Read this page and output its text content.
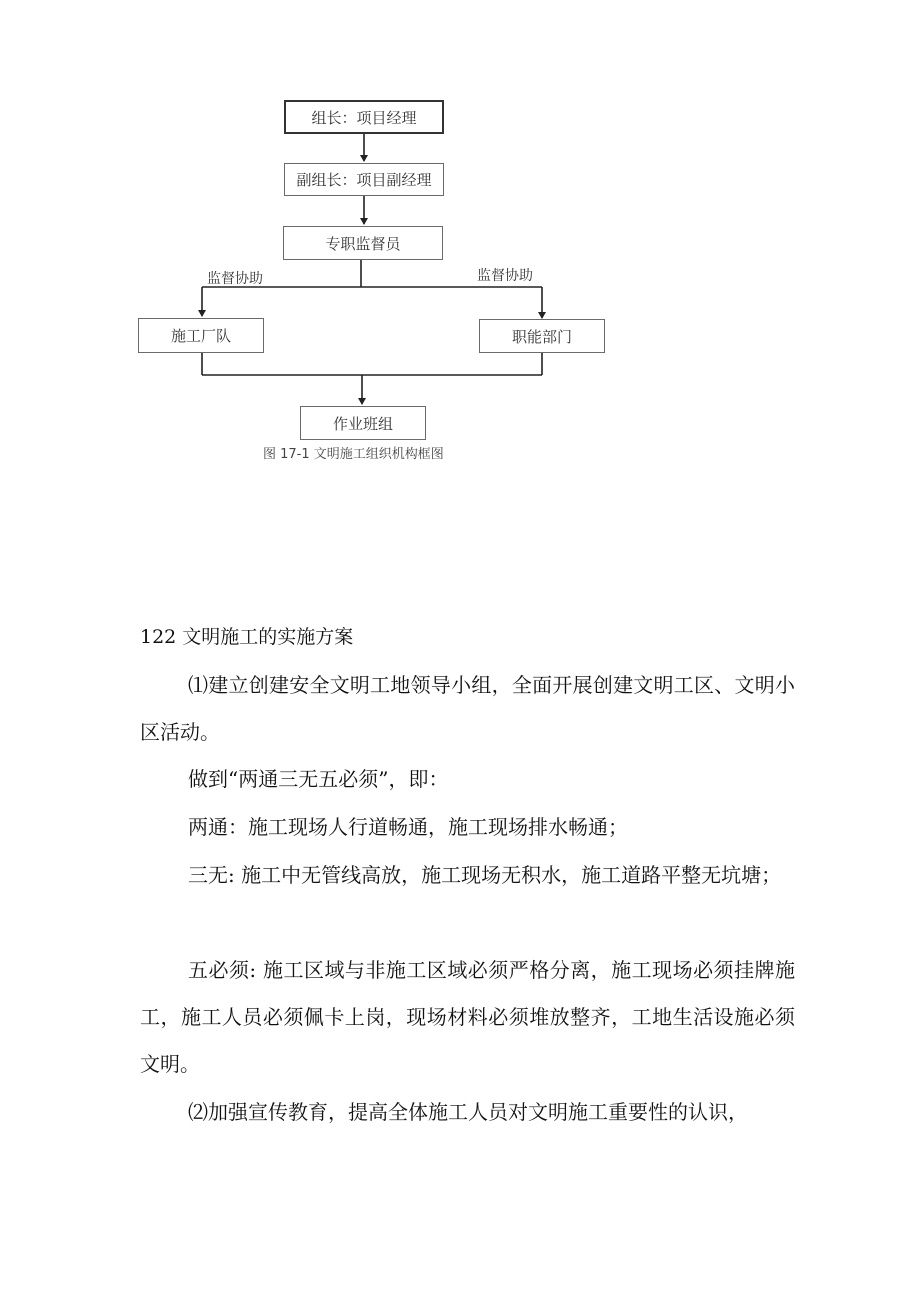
组长：项目经理
副组长：项目副经理
专职监督员
监督协助	监督协助
施工厂队	职能部门
作业班组
图 17-1 文明施工组织机构框图
122 文明施工的实施方案

⑴建立创建安全文明工地领导小组，全面开展创建文明工区、文明小区活动。

做到“两通三无五必须”，即：

两通：施工现场人行道畅通，施工现场排水畅通；

三无: 施工中无管线高放，施工现场无积水，施工道路平整无坑塘；

五必须: 施工区域与非施工区域必须严格分离，施工现场必须挂牌施工，施工人员必须佩卡上岗，现场材料必须堆放整齐，工地生活设施必须文明。

⑵加强宣传教育，提高全体施工人员对文明施工重要性的认识，
